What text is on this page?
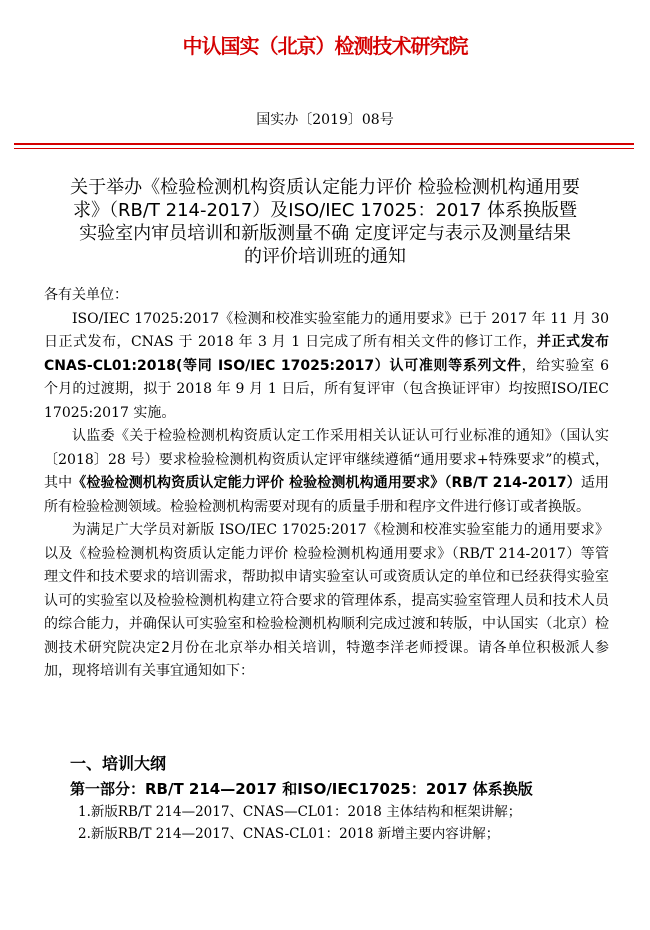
中认国实（北京）检测技术研究院
国实办〔2019〕08号
关于举办《检验检测机构资质认定能力评价 检验检测机构通用要
求》（RB/T 214-2017）及ISO/IEC 17025：2017 体系换版暨
实验室内审员培训和新版测量不确 定度评定与表示及测量结果
的评价培训班的通知

各有关单位：

ISO/IEC 17025:2017《检测和校准实验室能力的通用要求》已于 2017 年 11 月 30 日正式发布，CNAS 于 2018 年 3 月 1 日完成了所有相关文件的修订工作，并正式发布CNAS-CL01:2018(等同 ISO/IEC 17025:2017）认可准则等系列文件，给实验室 6 个月的过渡期，拟于 2018 年 9 月 1 日后，所有复评审（包含换证评审）均按照ISO/IEC 17025:2017 实施。

认监委《关于检验检测机构资质认定工作采用相关认证认可行业标准的通知》（国认实〔2018〕28 号）要求检验检测机构资质认定评审继续遵循“通用要求+特殊要求”的模式，其中《检验检测机构资质认定能力评价 检验检测机构通用要求》（RB/T 214-2017）适用所有检验检测领域。检验检测机构需要对现有的质量手册和程序文件进行修订或者换版。

为满足广大学员对新版 ISO/IEC 17025:2017《检测和校准实验室能力的通用要求》以及《检验检测机构资质认定能力评价 检验检测机构通用要求》（RB/T 214-2017）等管理文件和技术要求的培训需求，帮助拟申请实验室认可或资质认定的单位和已经获得实验室认可的实验室以及检验检测机构建立符合要求的管理体系，提高实验室管理人员和技术人员的综合能力，并确保认可实验室和检验检测机构顺利完成过渡和转版，中认国实（北京）检测技术研究院决定2月份在北京举办相关培训，特邀李洋老师授课。请各单位积极派人参加，现将培训有关事宜通知如下：

一、培训大纲
第一部分：RB/T 214—2017 和ISO/IEC17025：2017 体系换版
1.新版RB/T 214—2017、CNAS—CL01：2018 主体结构和框架讲解；
2.新版RB/T 214—2017、CNAS-CL01：2018 新增主要内容讲解；
